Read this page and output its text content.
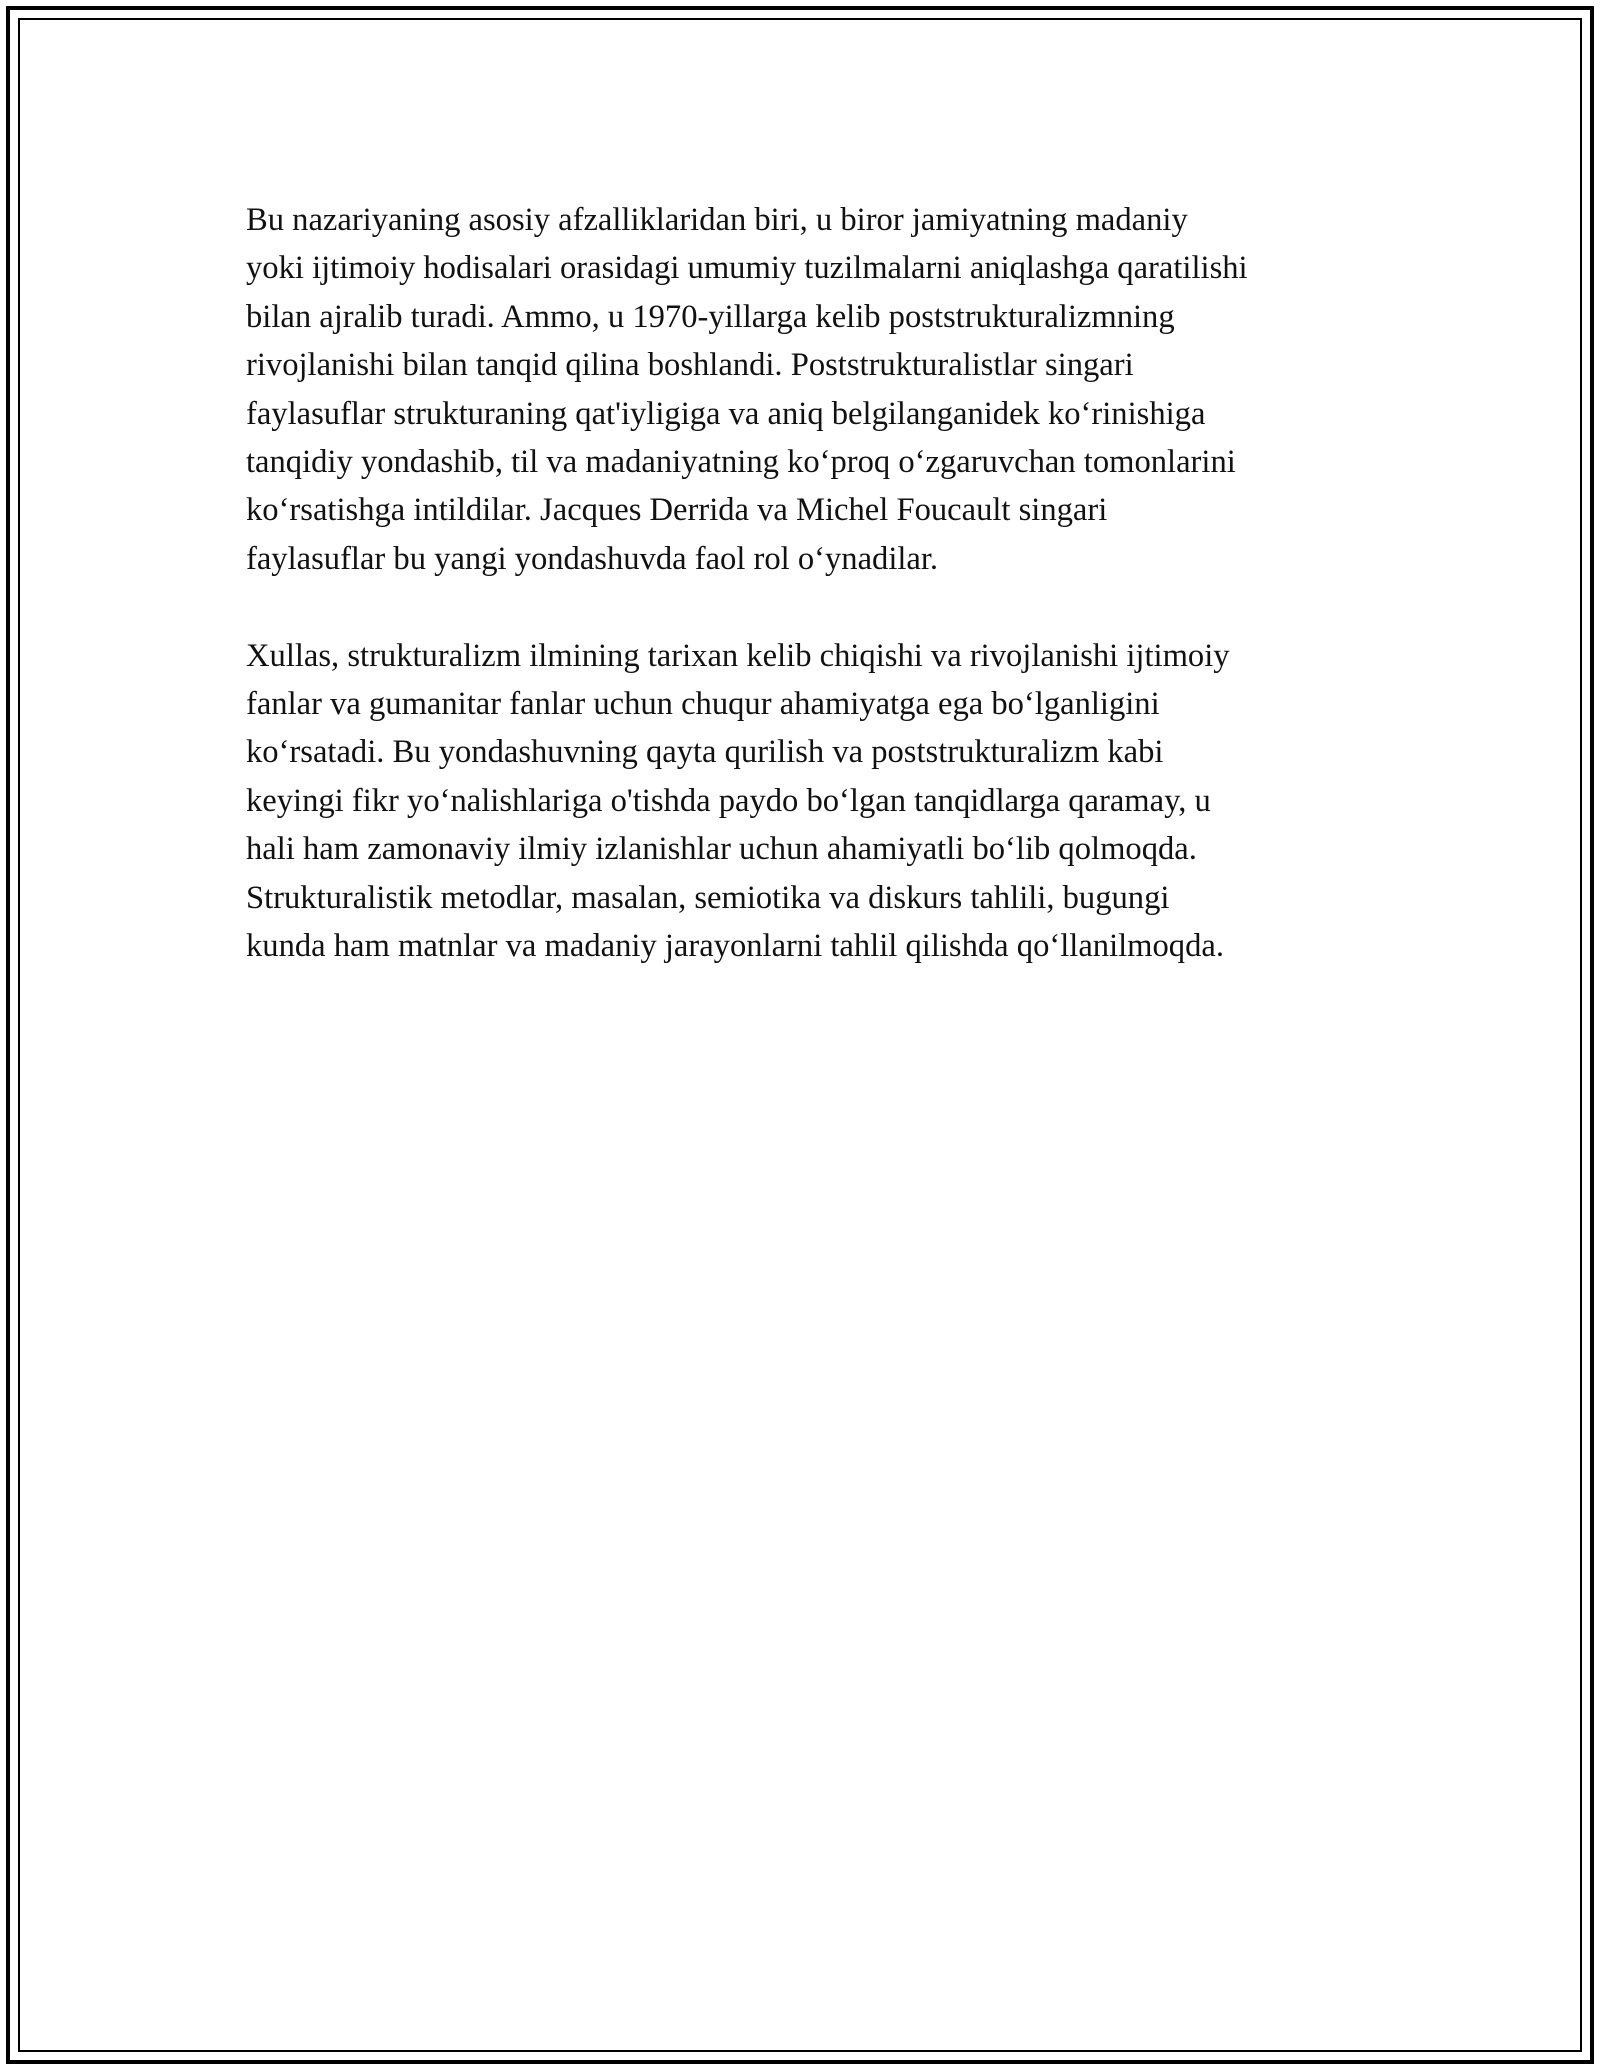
Bu nazariyaning asosiy afzalliklaridan biri, u biror jamiyatning madaniy
yoki ijtimoiy hodisalari orasidagi umumiy tuzilmalarni aniqlashga qaratilishi
bilan ajralib turadi. Ammo, u 1970-yillarga kelib poststrukturalizmning
rivojlanishi bilan tanqid qilina boshlandi. Poststrukturalistlar singari
faylasuflar strukturaning qat'iyligiga va aniq belgilanganidek koʻrinishiga
tanqidiy yondashib, til va madaniyatning koʻproq oʻzgaruvchan tomonlarini
koʻrsatishga intildilar. Jacques Derrida va Michel Foucault singari
faylasuflar bu yangi yondashuvda faol rol oʻynadilar.
Xullas, strukturalizm ilmining tarixan kelib chiqishi va rivojlanishi ijtimoiy
fanlar va gumanitar fanlar uchun chuqur ahamiyatga ega boʻlganligini
koʻrsatadi. Bu yondashuvning qayta qurilish va poststrukturalizm kabi
keyingi fikr yoʻnalishlariga o'tishda paydo boʻlgan tanqidlarga qaramay, u
hali ham zamonaviy ilmiy izlanishlar uchun ahamiyatli boʻlib qolmoqda.
Strukturalistik metodlar, masalan, semiotika va diskurs tahlili, bugungi
kunda ham matnlar va madaniy jarayonlarni tahlil qilishda qoʻllanilmoqda.
